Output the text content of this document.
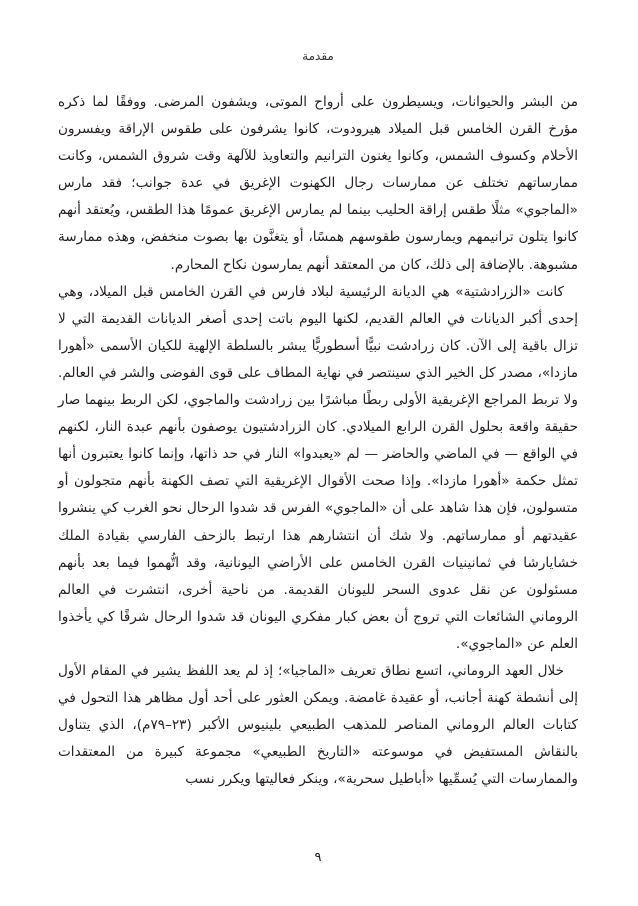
مقدمة

من البشر والحيوانات، ويسيطرون على أرواح الموتى، ويشفون المرضى. ووفقًا لما ذكره مؤرخ القرن الخامس قبل الميلاد هيرودوت، كانوا يشرفون على طقوس الإراقة ويفسرون الأحلام وكسوف الشمس، وكانوا يغنون الترانيم والتعاويذ للآلهة وقت شروق الشمس، وكانت ممارساتهم تختلف عن ممارسات رجال الكهنوت الإغريق في عدة جوانب؛ فقد مارس «الماجوي» مثلًا طقس إراقة الحليب بينما لم يمارس الإغريق عمومًا هذا الطقس، ويُعتقد أنهم كانوا يتلون ترانيمهم ويمارسون طقوسهم همسًا، أو يتغنَّون بها بصوت منخفض، وهذه ممارسة مشبوهة. بالإضافة إلى ذلك، كان من المعتقد أنهم يمارسون نكاح المحارم.

كانت «الزرادشتية» هي الديانة الرئيسية لبلاد فارس في القرن الخامس قبل الميلاد، وهي إحدى أكبر الديانات في العالم القديم، لكنها اليوم باتت إحدى أصغر الديانات القديمة التي لا تزال باقية إلى الآن. كان زرادشت نبيًّا أسطوريًّا يبشر بالسلطة الإلهية للكيان الأسمى «أهورا مازدا»، مصدر كل الخير الذي سينتصر في نهاية المطاف على قوى الفوضى والشر في العالم. ولا تربط المراجع الإغريقية الأولى ربطًا مباشرًا بين زرادشت والماجوي، لكن الربط بينهما صار حقيقة واقعة بحلول القرن الرابع الميلادي. كان الزرادشتيون يوصفون بأنهم عبدة النار، لكنهم في الواقع — في الماضي والحاضر — لم «يعبدوا» النار في حد ذاتها، وإنما كانوا يعتبرون أنها تمثل حكمة «أهورا مازدا». وإذا صحت الأقوال الإغريقية التي تصف الكهنة بأنهم متجولون أو متسولون، فإن هذا شاهد على أن «الماجوي» الفرس قد شدوا الرحال نحو الغرب كي ينشروا عقيدتهم أو ممارساتهم. ولا شك أن انتشارهم هذا ارتبط بالزحف الفارسي بقيادة الملك خشايارشا في ثمانينيات القرن الخامس على الأراضي اليونانية، وقد اتُّهموا فيما بعد بأنهم مسئولون عن نقل عدوى السحر لليونان القديمة. من ناحية أخرى، انتشرت في العالم الروماني الشائعات التي تروج أن بعض كبار مفكري اليونان قد شدوا الرحال شرقًا كي يأخذوا العلم عن «الماجوي».

خلال العهد الروماني، اتسع نطاق تعريف «الماجيا»؛ إذ لم يعد اللفظ يشير في المقام الأول إلى أنشطة كهنة أجانب، أو عقيدة غامضة. ويمكن العثور على أحد أول مظاهر هذا التحول في كتابات العالم الروماني المناصر للمذهب الطبيعي بلينيوس الأكبر (٢٣–٧٩م)، الذي يتناول بالنقاش المستفيض في موسوعته «التاريخ الطبيعي» مجموعة كبيرة من المعتقدات والممارسات التي يُسمِّيها «أباطيل سحرية»، وينكر فعاليتها ويكرر نسب

٩
